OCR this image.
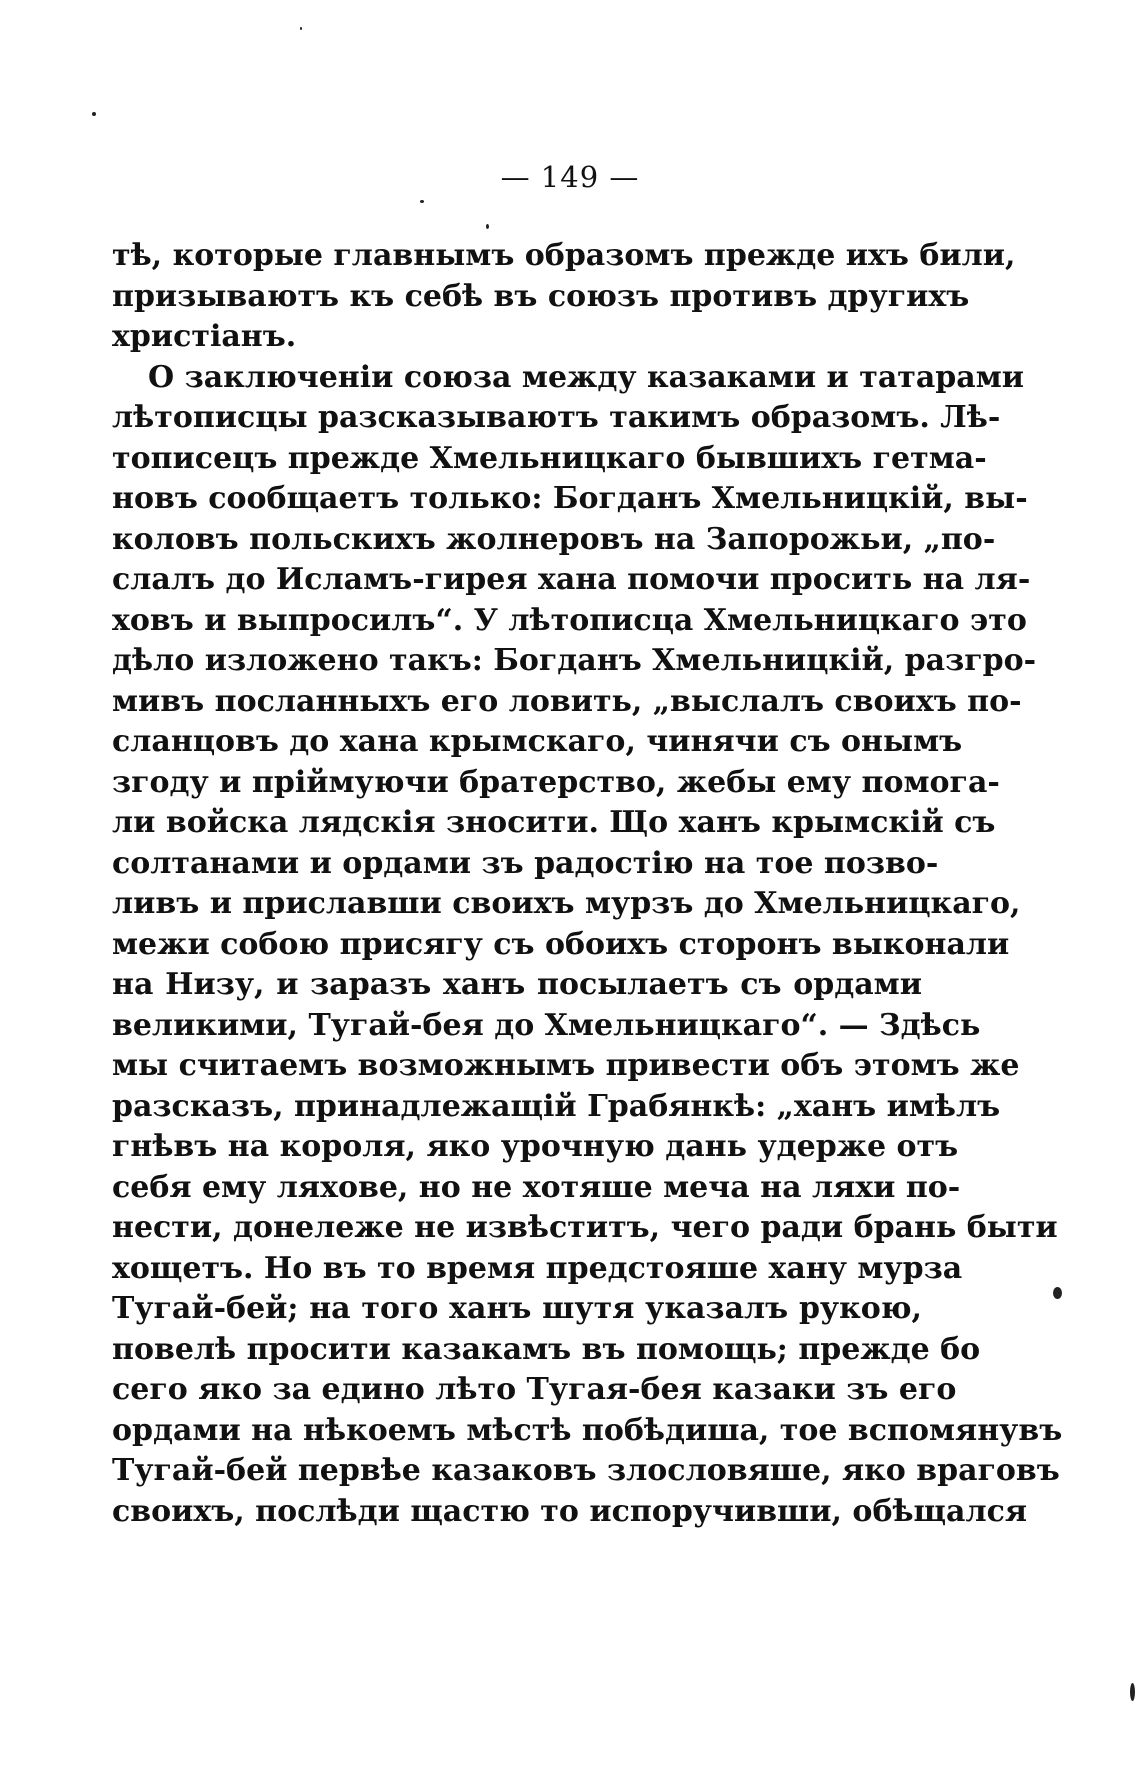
— 149 —
тѣ, которые главнымъ образомъ прежде ихъ били,
призываютъ къ себѣ въ союзъ противъ другихъ
христіанъ.
О заключеніи союза между казаками и татарами
лѣтописцы разсказываютъ такимъ образомъ. Лѣ-
тописецъ прежде Хмельницкаго бывшихъ гетма-
новъ сообщаетъ только: Богданъ Хмельницкій, вы-
коловъ польскихъ жолнеровъ на Запорожьи, „по-
слалъ до Исламъ-гирея хана помочи просить на ля-
ховъ и выпросилъ“. У лѣтописца Хмельницкаго это
дѣло изложено такъ: Богданъ Хмельницкій, разгро-
мивъ посланныхъ его ловить, „выслалъ своихъ по-
сланцовъ до хана крымскаго, чинячи съ онымъ
згоду и пріймуючи братерство, жебы ему помога-
ли войска лядскія зносити. Що ханъ крымскій съ
солтанами и ордами зъ радостію на тое позво-
ливъ и приславши своихъ мурзъ до Хмельницкаго,
межи собою присягу съ обоихъ сторонъ выконали
на Низу, и заразъ ханъ посылаетъ съ ордами
великими, Тугай-бея до Хмельницкаго“. — Здѣсь
мы считаемъ возможнымъ привести объ этомъ же
разсказъ, принадлежащій Грабянкѣ: „ханъ имѣлъ
гнѣвъ на короля, яко урочную дань удерже отъ
себя ему ляхове, но не хотяше меча на ляхи по-
нести, донележе не извѣститъ, чего ради брань быти
хощетъ. Но въ то время предстояше хану мурза
Тугай-бей; на того ханъ шутя указалъ рукою,
повелѣ просити казакамъ въ помощь; прежде бо
сего яко за едино лѣто Тугая-бея казаки зъ его
ордами на нѣкоемъ мѣстѣ побѣдиша, тое вспомянувъ
Тугай-бей первѣе казаковъ злословяше, яко враговъ
своихъ, послѣди щастю то испоручивши, обѣщался
